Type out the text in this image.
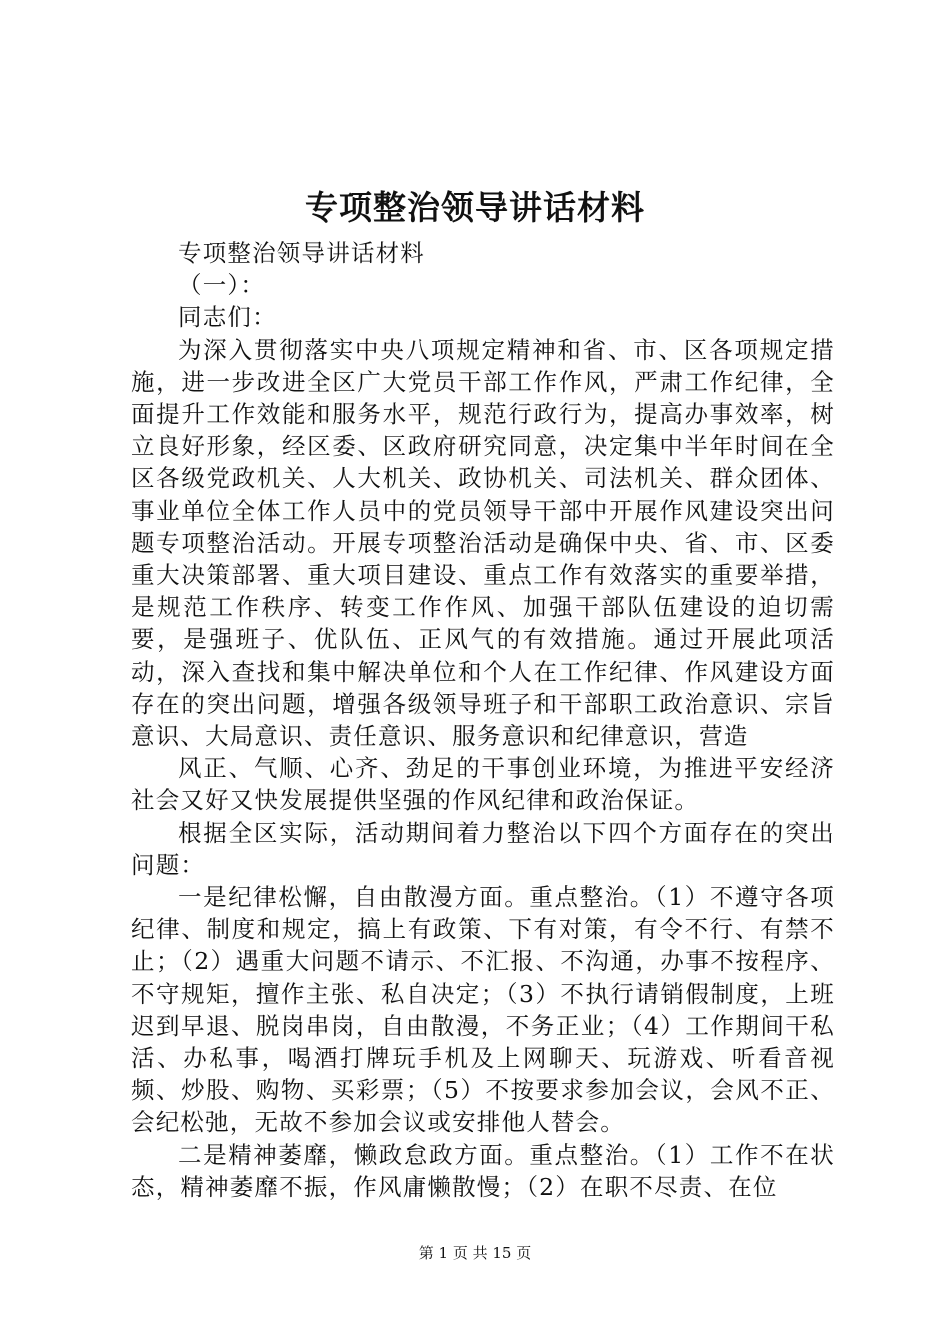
专项整治领导讲话材料

专项整治领导讲话材料

（一）：

同志们：

为深入贯彻落实中央八项规定精神和省、市、区各项规定措施，进一步改进全区广大党员干部工作作风，严肃工作纪律，全面提升工作效能和服务水平，规范行政行为，提高办事效率，树立良好形象，经区委、区政府研究同意，决定集中半年时间在全区各级党政机关、人大机关、政协机关、司法机关、群众团体、事业单位全体工作人员中的党员领导干部中开展作风建设突出问题专项整治活动。开展专项整治活动是确保中央、省、市、区委重大决策部署、重大项目建设、重点工作有效落实的重要举措，是规范工作秩序、转变工作作风、加强干部队伍建设的迫切需要，是强班子、优队伍、正风气的有效措施。通过开展此项活动，深入查找和集中解决单位和个人在工作纪律、作风建设方面存在的突出问题，增强各级领导班子和干部职工政治意识、宗旨意识、大局意识、责任意识、服务意识和纪律意识，营造

风正、气顺、心齐、劲足的干事创业环境，为推进平安经济社会又好又快发展提供坚强的作风纪律和政治保证。

根据全区实际，活动期间着力整治以下四个方面存在的突出问题：

一是纪律松懈，自由散漫方面。重点整治。（1）不遵守各项纪律、制度和规定，搞上有政策、下有对策，有令不行、有禁不止；（2）遇重大问题不请示、不汇报、不沟通，办事不按程序、不守规矩，擅作主张、私自决定；（3）不执行请销假制度，上班迟到早退、脱岗串岗，自由散漫，不务正业；（4）工作期间干私活、办私事，喝酒打牌玩手机及上网聊天、玩游戏、听看音视频、炒股、购物、买彩票；（5）不按要求参加会议，会风不正、会纪松弛，无故不参加会议或安排他人替会。

二是精神萎靡，懒政怠政方面。重点整治。（1）工作不在状态，精神萎靡不振，作风庸懒散慢；（2）在职不尽责、在位

第 1 页 共 15 页
